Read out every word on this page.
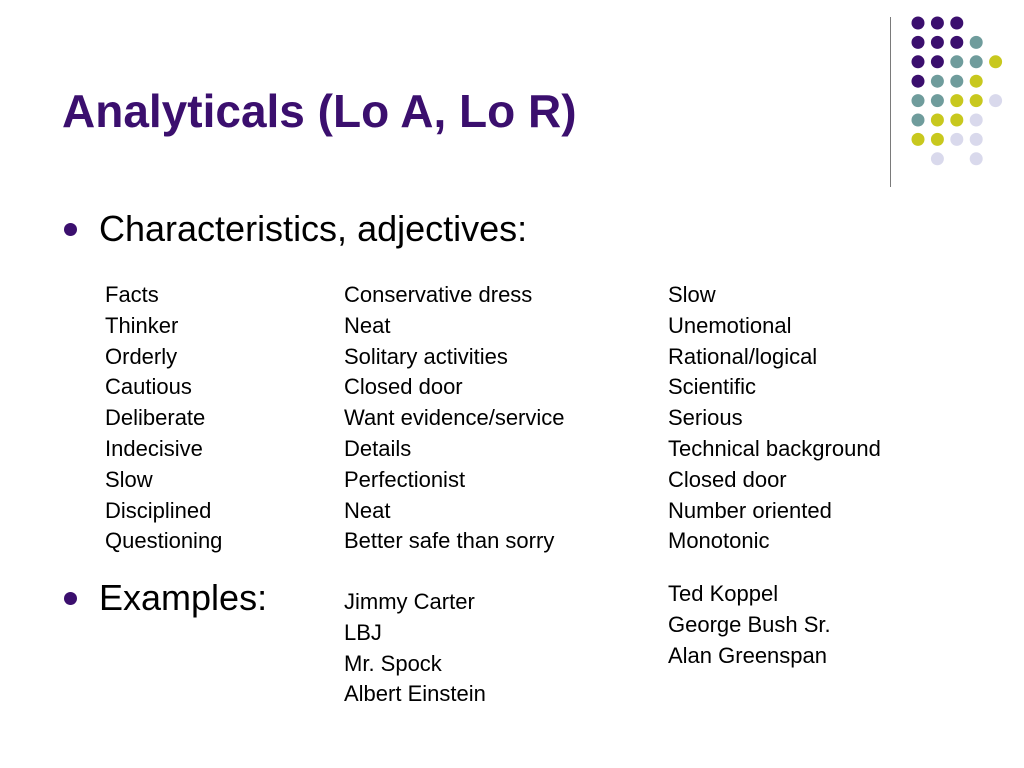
Analyticals (Lo A, Lo R)
Characteristics, adjectives:
Facts
Thinker
Orderly
Cautious
Deliberate
Indecisive
Slow
Disciplined
Questioning
Conservative dress
Neat
Solitary activities
Closed door
Want evidence/service
Details
Perfectionist
Neat
Better safe than sorry
Slow
Unemotional
Rational/logical
Scientific
Serious
Technical background
Closed door
Number oriented
Monotonic
Examples:	Jimmy Carter
LBJ
Mr. Spock
Albert Einstein
Ted Koppel
George Bush Sr.
Alan Greenspan
